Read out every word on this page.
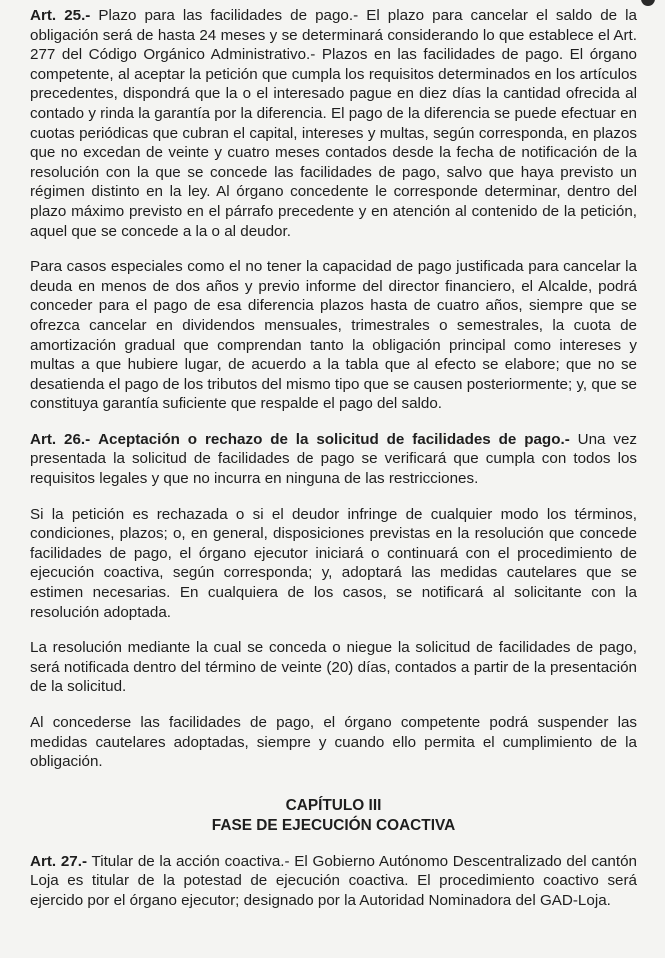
Art. 25.- Plazo para las facilidades de pago.- El plazo para cancelar el saldo de la obligación será de hasta 24 meses y se determinará considerando lo que establece el Art. 277 del Código Orgánico Administrativo.- Plazos en las facilidades de pago. El órgano competente, al aceptar la petición que cumpla los requisitos determinados en los artículos precedentes, dispondrá que la o el interesado pague en diez días la cantidad ofrecida al contado y rinda la garantía por la diferencia. El pago de la diferencia se puede efectuar en cuotas periódicas que cubran el capital, intereses y multas, según corresponda, en plazos que no excedan de veinte y cuatro meses contados desde la fecha de notificación de la resolución con la que se concede las facilidades de pago, salvo que haya previsto un régimen distinto en la ley. Al órgano concedente le corresponde determinar, dentro del plazo máximo previsto en el párrafo precedente y en atención al contenido de la petición, aquel que se concede a la o al deudor.

Para casos especiales como el no tener la capacidad de pago justificada para cancelar la deuda en menos de dos años y previo informe del director financiero, el Alcalde, podrá conceder para el pago de esa diferencia plazos hasta de cuatro años, siempre que se ofrezca cancelar en dividendos mensuales, trimestrales o semestrales, la cuota de amortización gradual que comprendan tanto la obligación principal como intereses y multas a que hubiere lugar, de acuerdo a la tabla que al efecto se elabore; que no se desatienda el pago de los tributos del mismo tipo que se causen posteriormente; y, que se constituya garantía suficiente que respalde el pago del saldo.

Art. 26.- Aceptación o rechazo de la solicitud de facilidades de pago.- Una vez presentada la solicitud de facilidades de pago se verificará que cumpla con todos los requisitos legales y que no incurra en ninguna de las restricciones.

Si la petición es rechazada o si el deudor infringe de cualquier modo los términos, condiciones, plazos; o, en general, disposiciones previstas en la resolución que concede facilidades de pago, el órgano ejecutor iniciará o continuará con el procedimiento de ejecución coactiva, según corresponda; y, adoptará las medidas cautelares que se estimen necesarias. En cualquiera de los casos, se notificará al solicitante con la resolución adoptada.

La resolución mediante la cual se conceda o niegue la solicitud de facilidades de pago, será notificada dentro del término de veinte (20) días, contados a partir de la presentación de la solicitud.

Al concederse las facilidades de pago, el órgano competente podrá suspender las medidas cautelares adoptadas, siempre y cuando ello permita el cumplimiento de la obligación.

CAPÍTULO III
FASE DE EJECUCIÓN COACTIVA

Art. 27.- Titular de la acción coactiva.- El Gobierno Autónomo Descentralizado del cantón Loja es titular de la potestad de ejecución coactiva. El procedimiento coactivo será ejercido por el órgano ejecutor; designado por la Autoridad Nominadora del GAD-Loja.
